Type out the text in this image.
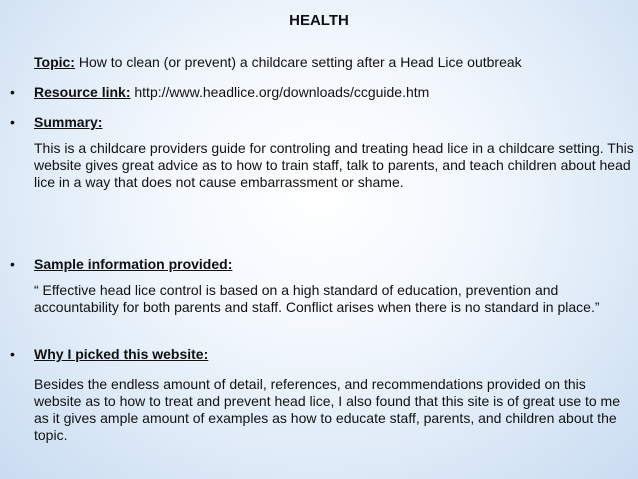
HEALTH
Topic: How to clean (or prevent) a childcare setting after a Head Lice outbreak
• Resource link: http://www.headlice.org/downloads/ccguide.htm
• Summary:
This is a childcare providers guide for controling and treating head lice in a childcare setting. This website gives great advice as to how to train staff, talk to parents, and teach children about head lice in a way that does not cause embarrassment or shame.
• Sample information provided:
“ Effective head lice control is based on a high standard of education, prevention and accountability for both parents and staff. Conflict arises when there is no standard in place.”
• Why I picked this website:
Besides the endless amount of detail, references, and recommendations provided on this website as to how to treat and prevent head lice, I also found that this site is of great use to me as it gives ample amount of examples as how to educate staff, parents, and children about the topic.
